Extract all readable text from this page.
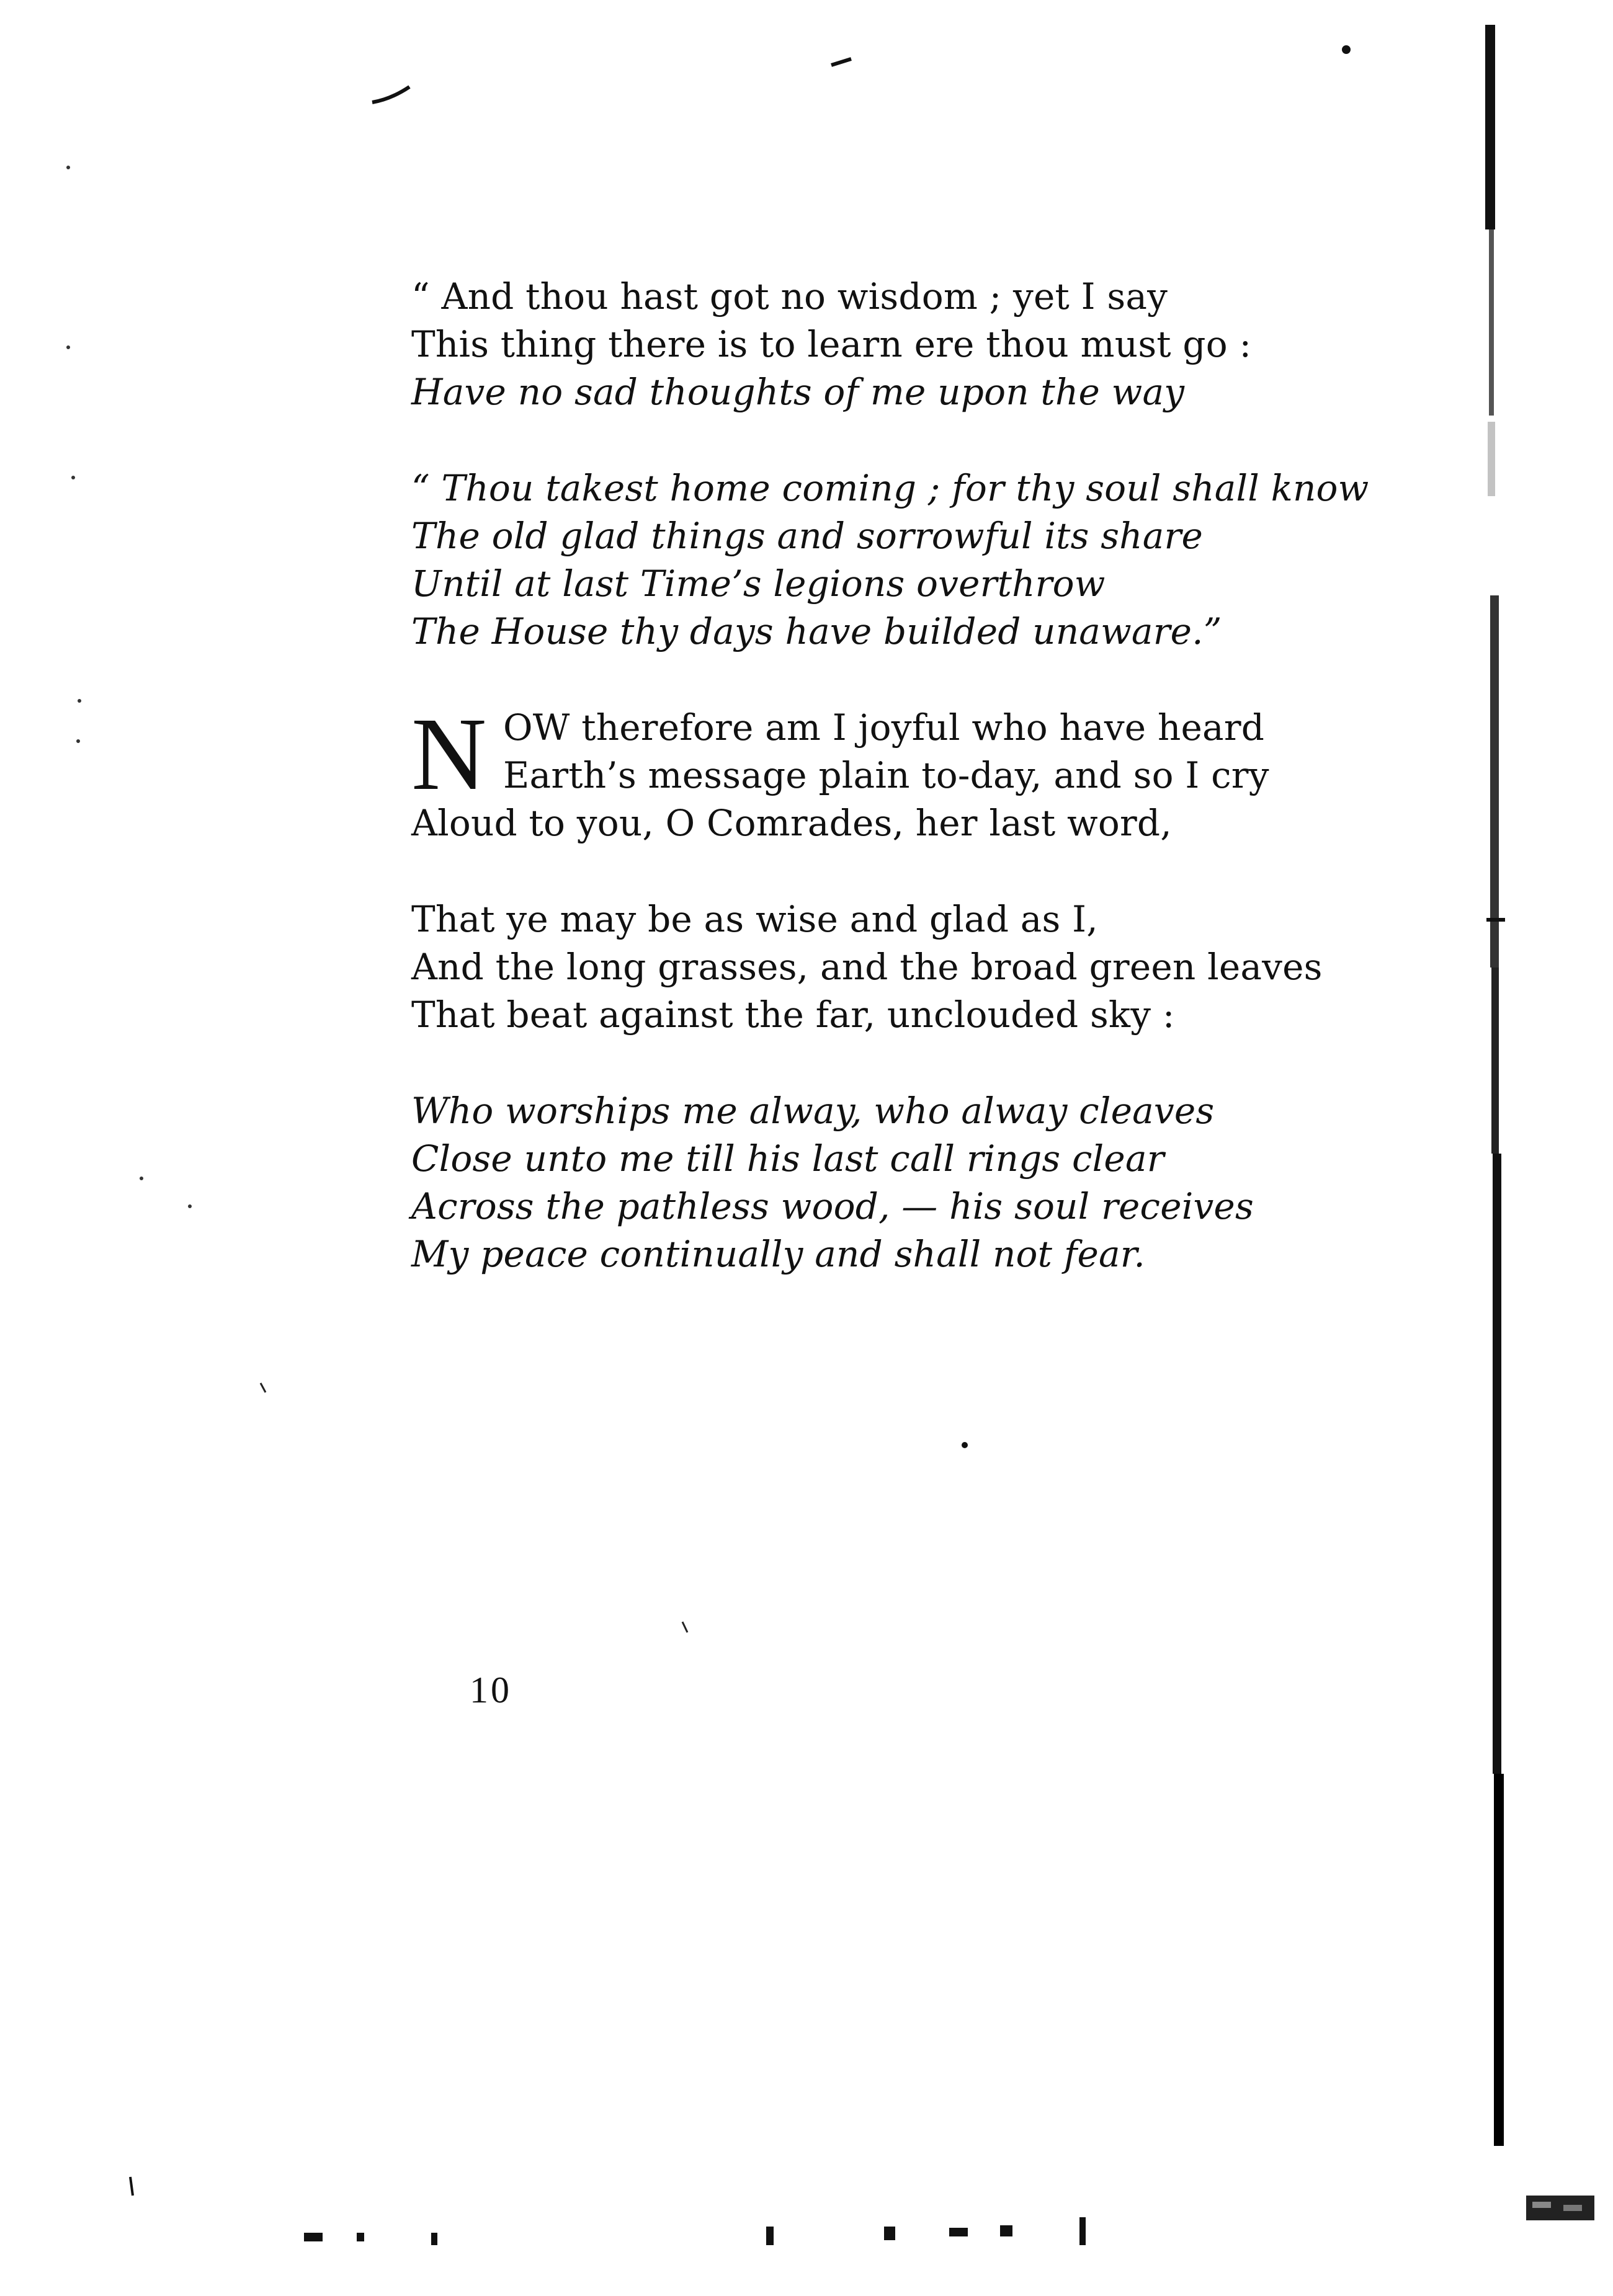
“ And thou hast got no wisdom ; yet I say
This thing there is to learn ere thou must go :
Have no sad thoughts of me upon the way
“ Thou takest home coming ; for thy soul shall know
The old glad things and sorrowful its share
Until at last Time’s legions overthrow
The House thy days have builded unaware.”
N OW therefore am I joyful who have heard
Earth’s message plain to-day, and so I cry
Aloud to you, O Comrades, her last word,
That ye may be as wise and glad as I,
And the long grasses, and the broad green leaves
That beat against the far, unclouded sky :
Who worships me alway, who alway cleaves
Close unto me till his last call rings clear
Across the pathless wood, — his soul receives
My peace continually and shall not fear.
10
